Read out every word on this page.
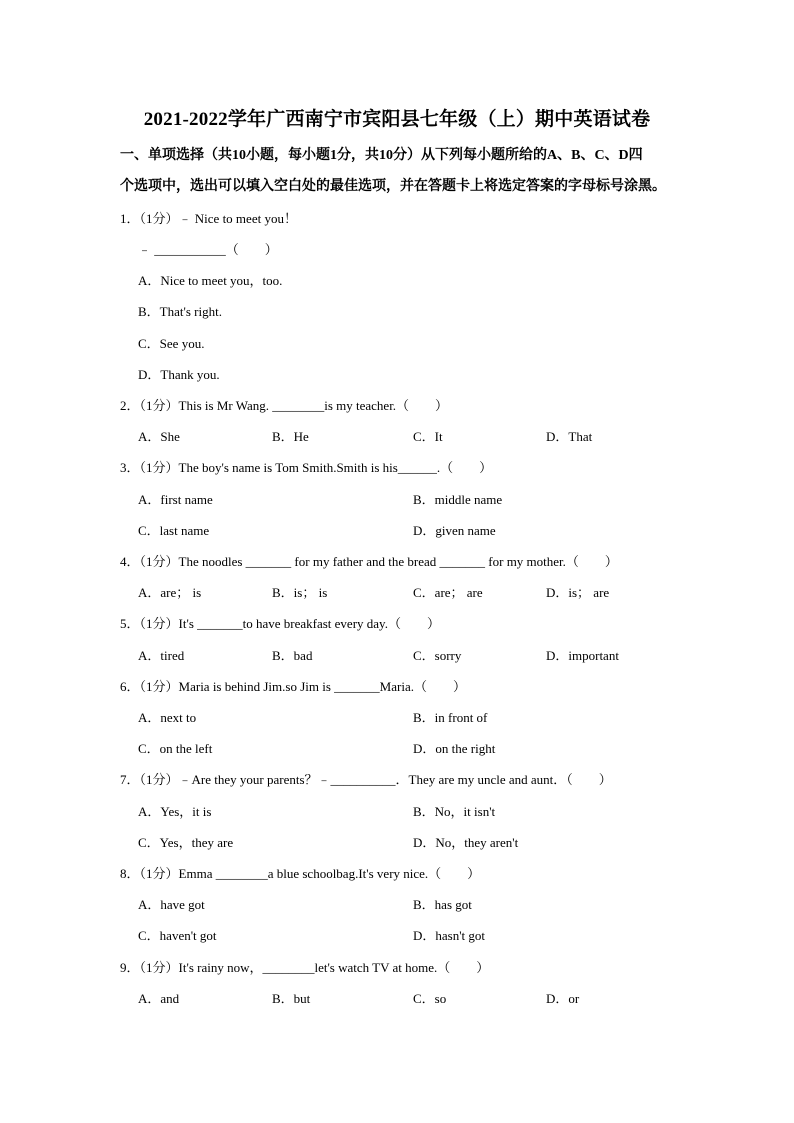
2021-2022学年广西南宁市宾阳县七年级（上）期中英语试卷
一、单项选择（共10小题，每小题1分，共10分）从下列每小题所给的A、B、C、D四
个选项中，选出可以填入空白处的最佳选项，并在答题卡上将选定答案的字母标号涂黑。
1．（1分）﹣ Nice to meet you！
﹣ ___________（　　）
A．Nice to meet you，too.
B．That's right.
C．See you.
D．Thank you.
2．（1分）This is Mr Wang. ________is my teacher.（　　）
A．She	B．He	C．It	D．That
3．（1分）The boy's name is Tom Smith.Smith is his______.（　　）
A．first name	B．middle name
C．last name	D．given name
4．（1分）The noodles _______ for my father and the bread _______ for my mother.（　　）
A．are； is	B．is； is	C．are； are	D．is； are
5．（1分）It's _______to have breakfast every day.（　　）
A．tired	B．bad	C．sorry	D．important
6．（1分）Maria is behind Jim.so Jim is _______Maria.（　　）
A．next to	B．in front of
C．on the left	D．on the right
7．（1分）﹣Are they your parents？﹣__________．They are my uncle and aunt．（　　）
A．Yes，it is	B．No，it isn't
C．Yes，they are	D．No，they aren't
8．（1分）Emma ________a blue schoolbag.It's very nice.（　　）
A．have got	B．has got
C．haven't got	D．hasn't got
9．（1分）It's rainy now，________let's watch TV at home.（　　）
A．and	B．but	C．so	D．or
